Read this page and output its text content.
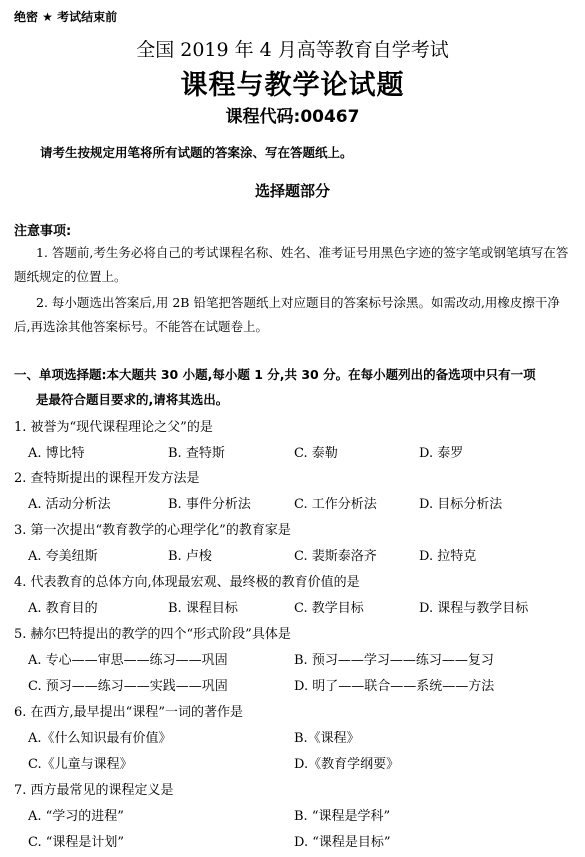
绝密 ★ 考试结束前
全国 2019 年 4 月高等教育自学考试
课程与教学论试题
课程代码:00467
请考生按规定用笔将所有试题的答案涂、写在答题纸上。
选择题部分
注意事项:
1. 答题前,考生务必将自己的考试课程名称、姓名、准考证号用黑色字迹的签字笔或钢笔填写在答题纸规定的位置上。
2. 每小题选出答案后,用 2B 铅笔把答题纸上对应题目的答案标号涂黑。如需改动,用橡皮擦干净后,再选涂其他答案标号。不能答在试题卷上。
一、单项选择题:本大题共 30 小题,每小题 1 分,共 30 分。在每小题列出的备选项中只有一项
是最符合题目要求的,请将其选出。
1. 被誉为“现代课程理论之父”的是
A. 博比特	B. 查特斯	C. 泰勒	D. 泰罗
2. 查特斯提出的课程开发方法是
A. 活动分析法	B. 事件分析法	C. 工作分析法	D. 目标分析法
3. 第一次提出“教育教学的心理学化”的教育家是
A. 夸美纽斯	B. 卢梭	C. 裴斯泰洛齐	D. 拉特克
4. 代表教育的总体方向,体现最宏观、最终极的教育价值的是
A. 教育目的	B. 课程目标	C. 教学目标	D. 课程与教学目标
5. 赫尔巴特提出的教学的四个“形式阶段”具体是
A. 专心——审思——练习——巩固	B. 预习——学习——练习——复习
C. 预习——练习——实践——巩固	D. 明了——联合——系统——方法
6. 在西方,最早提出“课程”一词的著作是
A.《什么知识最有价值》	B.《课程》
C.《儿童与课程》	D.《教育学纲要》
7. 西方最常见的课程定义是
A. “学习的进程”	B. “课程是学科”
C. “课程是计划”	D. “课程是目标”
